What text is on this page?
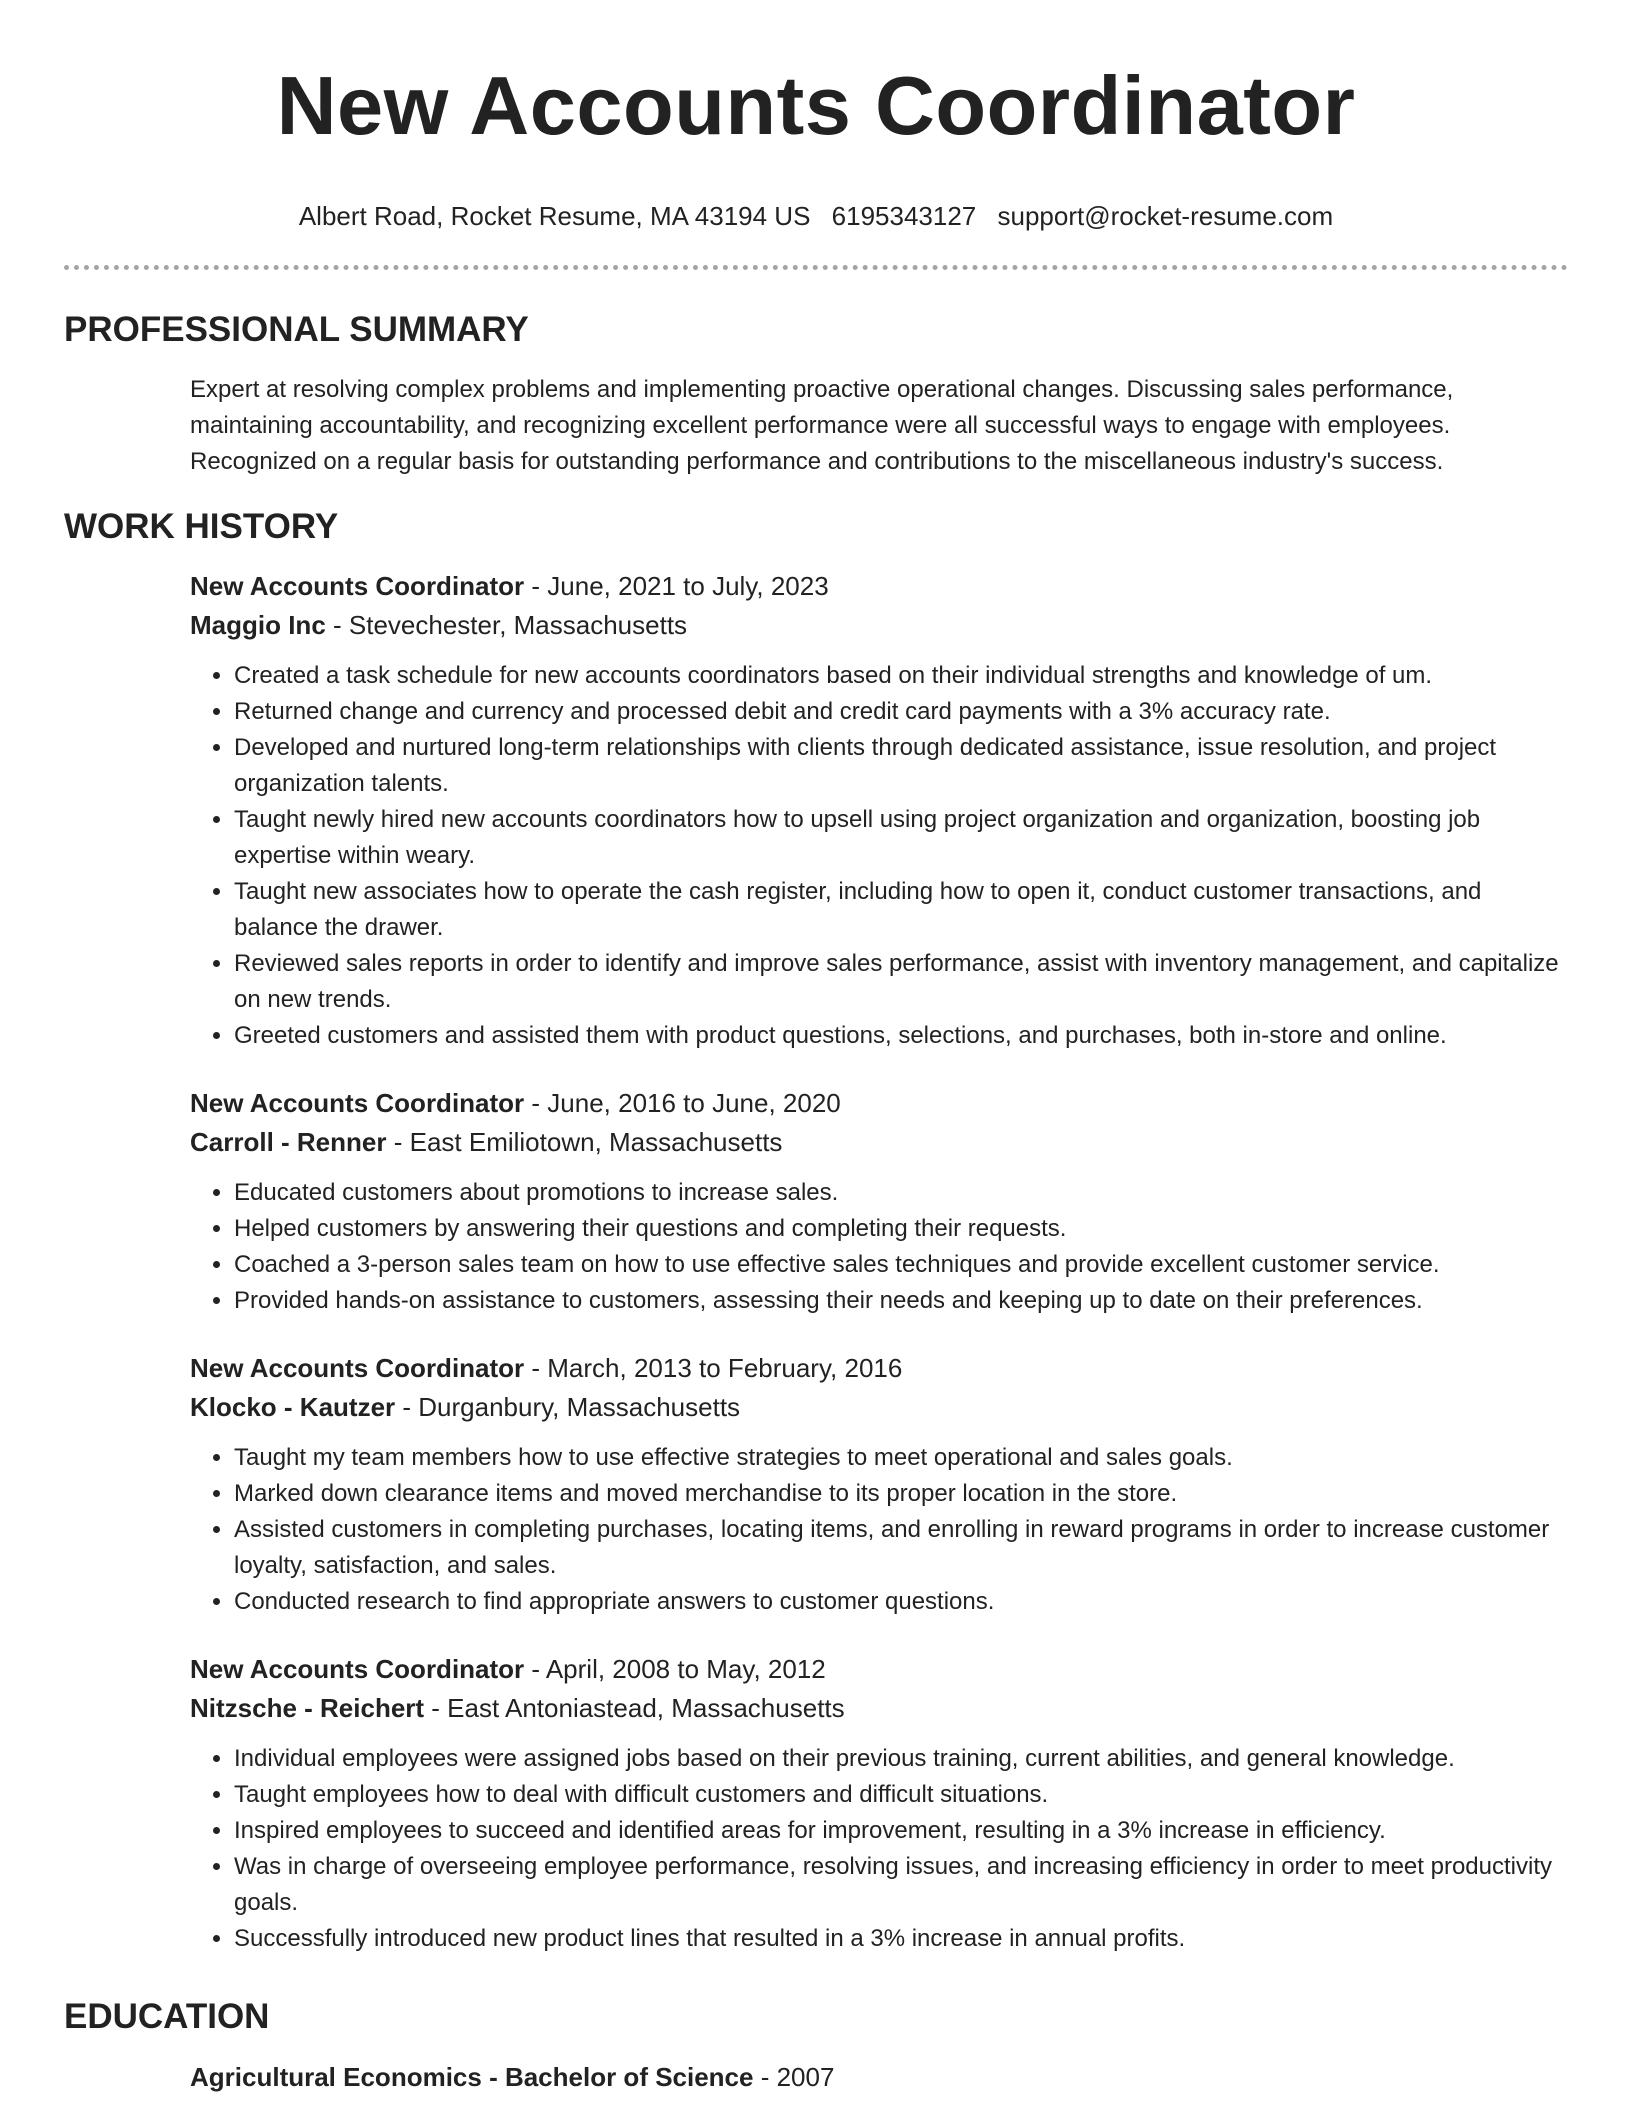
New Accounts Coordinator
Albert Road, Rocket Resume, MA 43194 US 6195343127 support@rocket-resume.com
PROFESSIONAL SUMMARY

Expert at resolving complex problems and implementing proactive operational changes. Discussing sales performance, maintaining accountability, and recognizing excellent performance were all successful ways to engage with employees. Recognized on a regular basis for outstanding performance and contributions to the miscellaneous industry's success.

WORK HISTORY
New Accounts Coordinator - June, 2021 to July, 2023
Maggio Inc - Stevechester, Massachusetts
• Created a task schedule for new accounts coordinators based on their individual strengths and knowledge of um.
• Returned change and currency and processed debit and credit card payments with a 3% accuracy rate.
• Developed and nurtured long-term relationships with clients through dedicated assistance, issue resolution, and project organization talents.
• Taught newly hired new accounts coordinators how to upsell using project organization and organization, boosting job expertise within weary.
• Taught new associates how to operate the cash register, including how to open it, conduct customer transactions, and balance the drawer.
• Reviewed sales reports in order to identify and improve sales performance, assist with inventory management, and capitalize on new trends.
• Greeted customers and assisted them with product questions, selections, and purchases, both in-store and online.
New Accounts Coordinator - June, 2016 to June, 2020
Carroll - Renner - East Emiliotown, Massachusetts
• Educated customers about promotions to increase sales.
• Helped customers by answering their questions and completing their requests.
• Coached a 3-person sales team on how to use effective sales techniques and provide excellent customer service.
• Provided hands-on assistance to customers, assessing their needs and keeping up to date on their preferences.
New Accounts Coordinator - March, 2013 to February, 2016
Klocko - Kautzer - Durganbury, Massachusetts
• Taught my team members how to use effective strategies to meet operational and sales goals.
• Marked down clearance items and moved merchandise to its proper location in the store.
• Assisted customers in completing purchases, locating items, and enrolling in reward programs in order to increase customer loyalty, satisfaction, and sales.
• Conducted research to find appropriate answers to customer questions.
New Accounts Coordinator - April, 2008 to May, 2012
Nitzsche - Reichert - East Antoniastead, Massachusetts
• Individual employees were assigned jobs based on their previous training, current abilities, and general knowledge.
• Taught employees how to deal with difficult customers and difficult situations.
• Inspired employees to succeed and identified areas for improvement, resulting in a 3% increase in efficiency.
• Was in charge of overseeing employee performance, resolving issues, and increasing efficiency in order to meet productivity goals.
• Successfully introduced new product lines that resulted in a 3% increase in annual profits.
EDUCATION
Agricultural Economics - Bachelor of Science - 2007
